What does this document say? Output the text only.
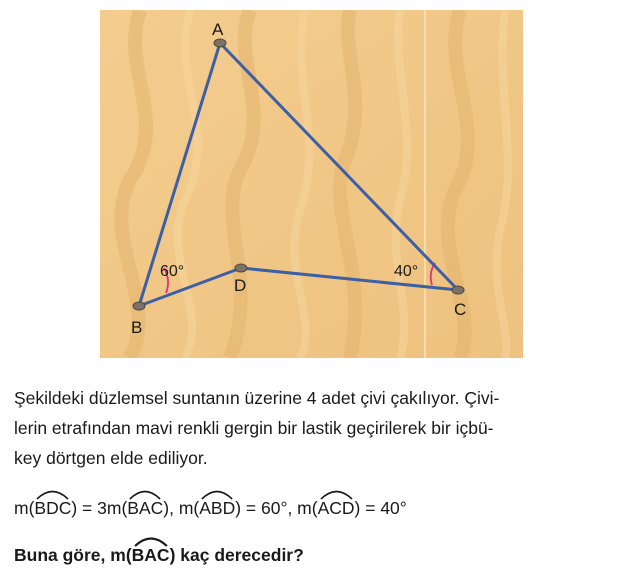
A
B
C
D
60°	40°
Şekildeki düzlemsel suntanın üzerine 4 adet çivi çakılıyor. Çivi-
lerin etrafından mavi renkli gergin bir lastik geçirilerek bir içbü-
key dörtgen elde ediliyor.
m(
BDC) = 3m(
BAC), m(
ABD) = 60°, m(
ACD) = 40°
Buna göre, m(
BAC) kaç derecedir?
